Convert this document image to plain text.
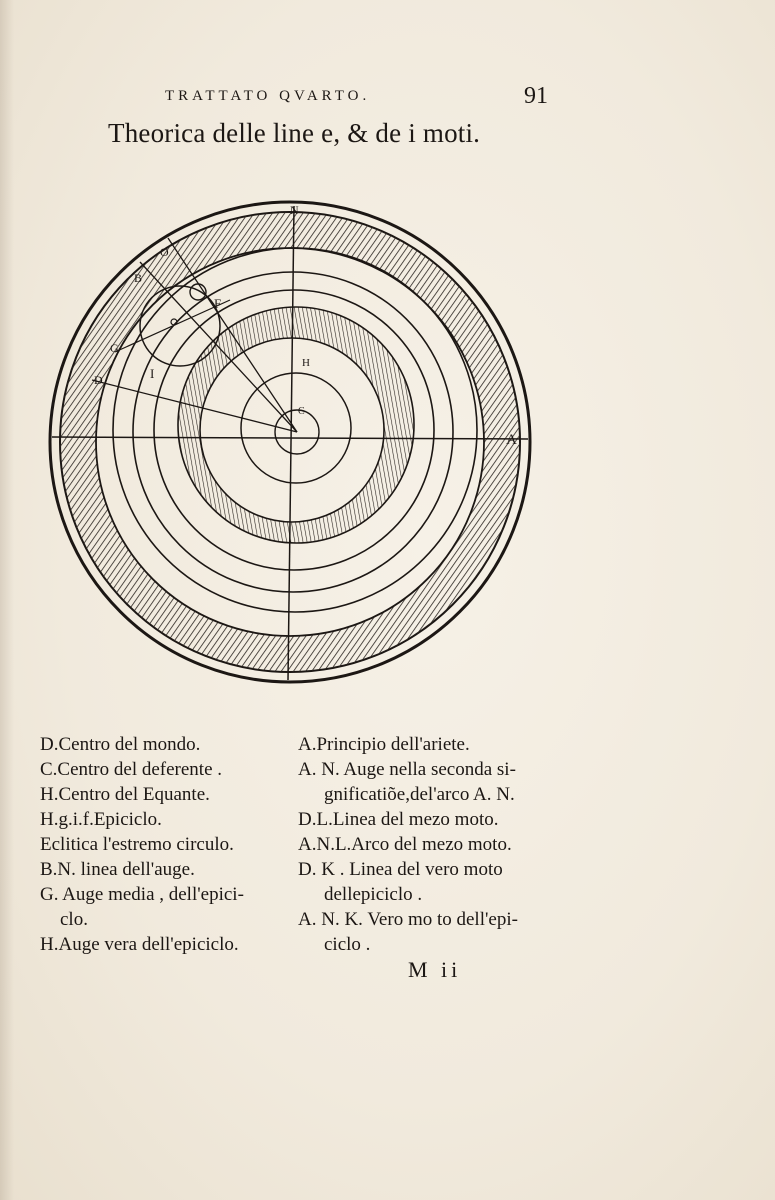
N
A
F
I
H
C
O
B
D
G
D.Centro del mondo.
C.Centro del deferente .
H.Centro del Equante.
H.g.i.f.Epiciclo.
Eclitica l'estremo circulo.
B.N. linea dell'auge.
G. Auge media , dell'epici-
clo.
H.Auge vera dell'epiciclo.
A.Principio dell'ariete.
A. N. Auge nella seconda si-
gnificatiõe,del'arco A. N.
D.L.Linea del mezo moto.
A.N.L.Arco del mezo moto.
D. K . Linea del vero moto
dellepiciclo .
A. N. K. Vero mo to dell'epi-
ciclo .
M ii
